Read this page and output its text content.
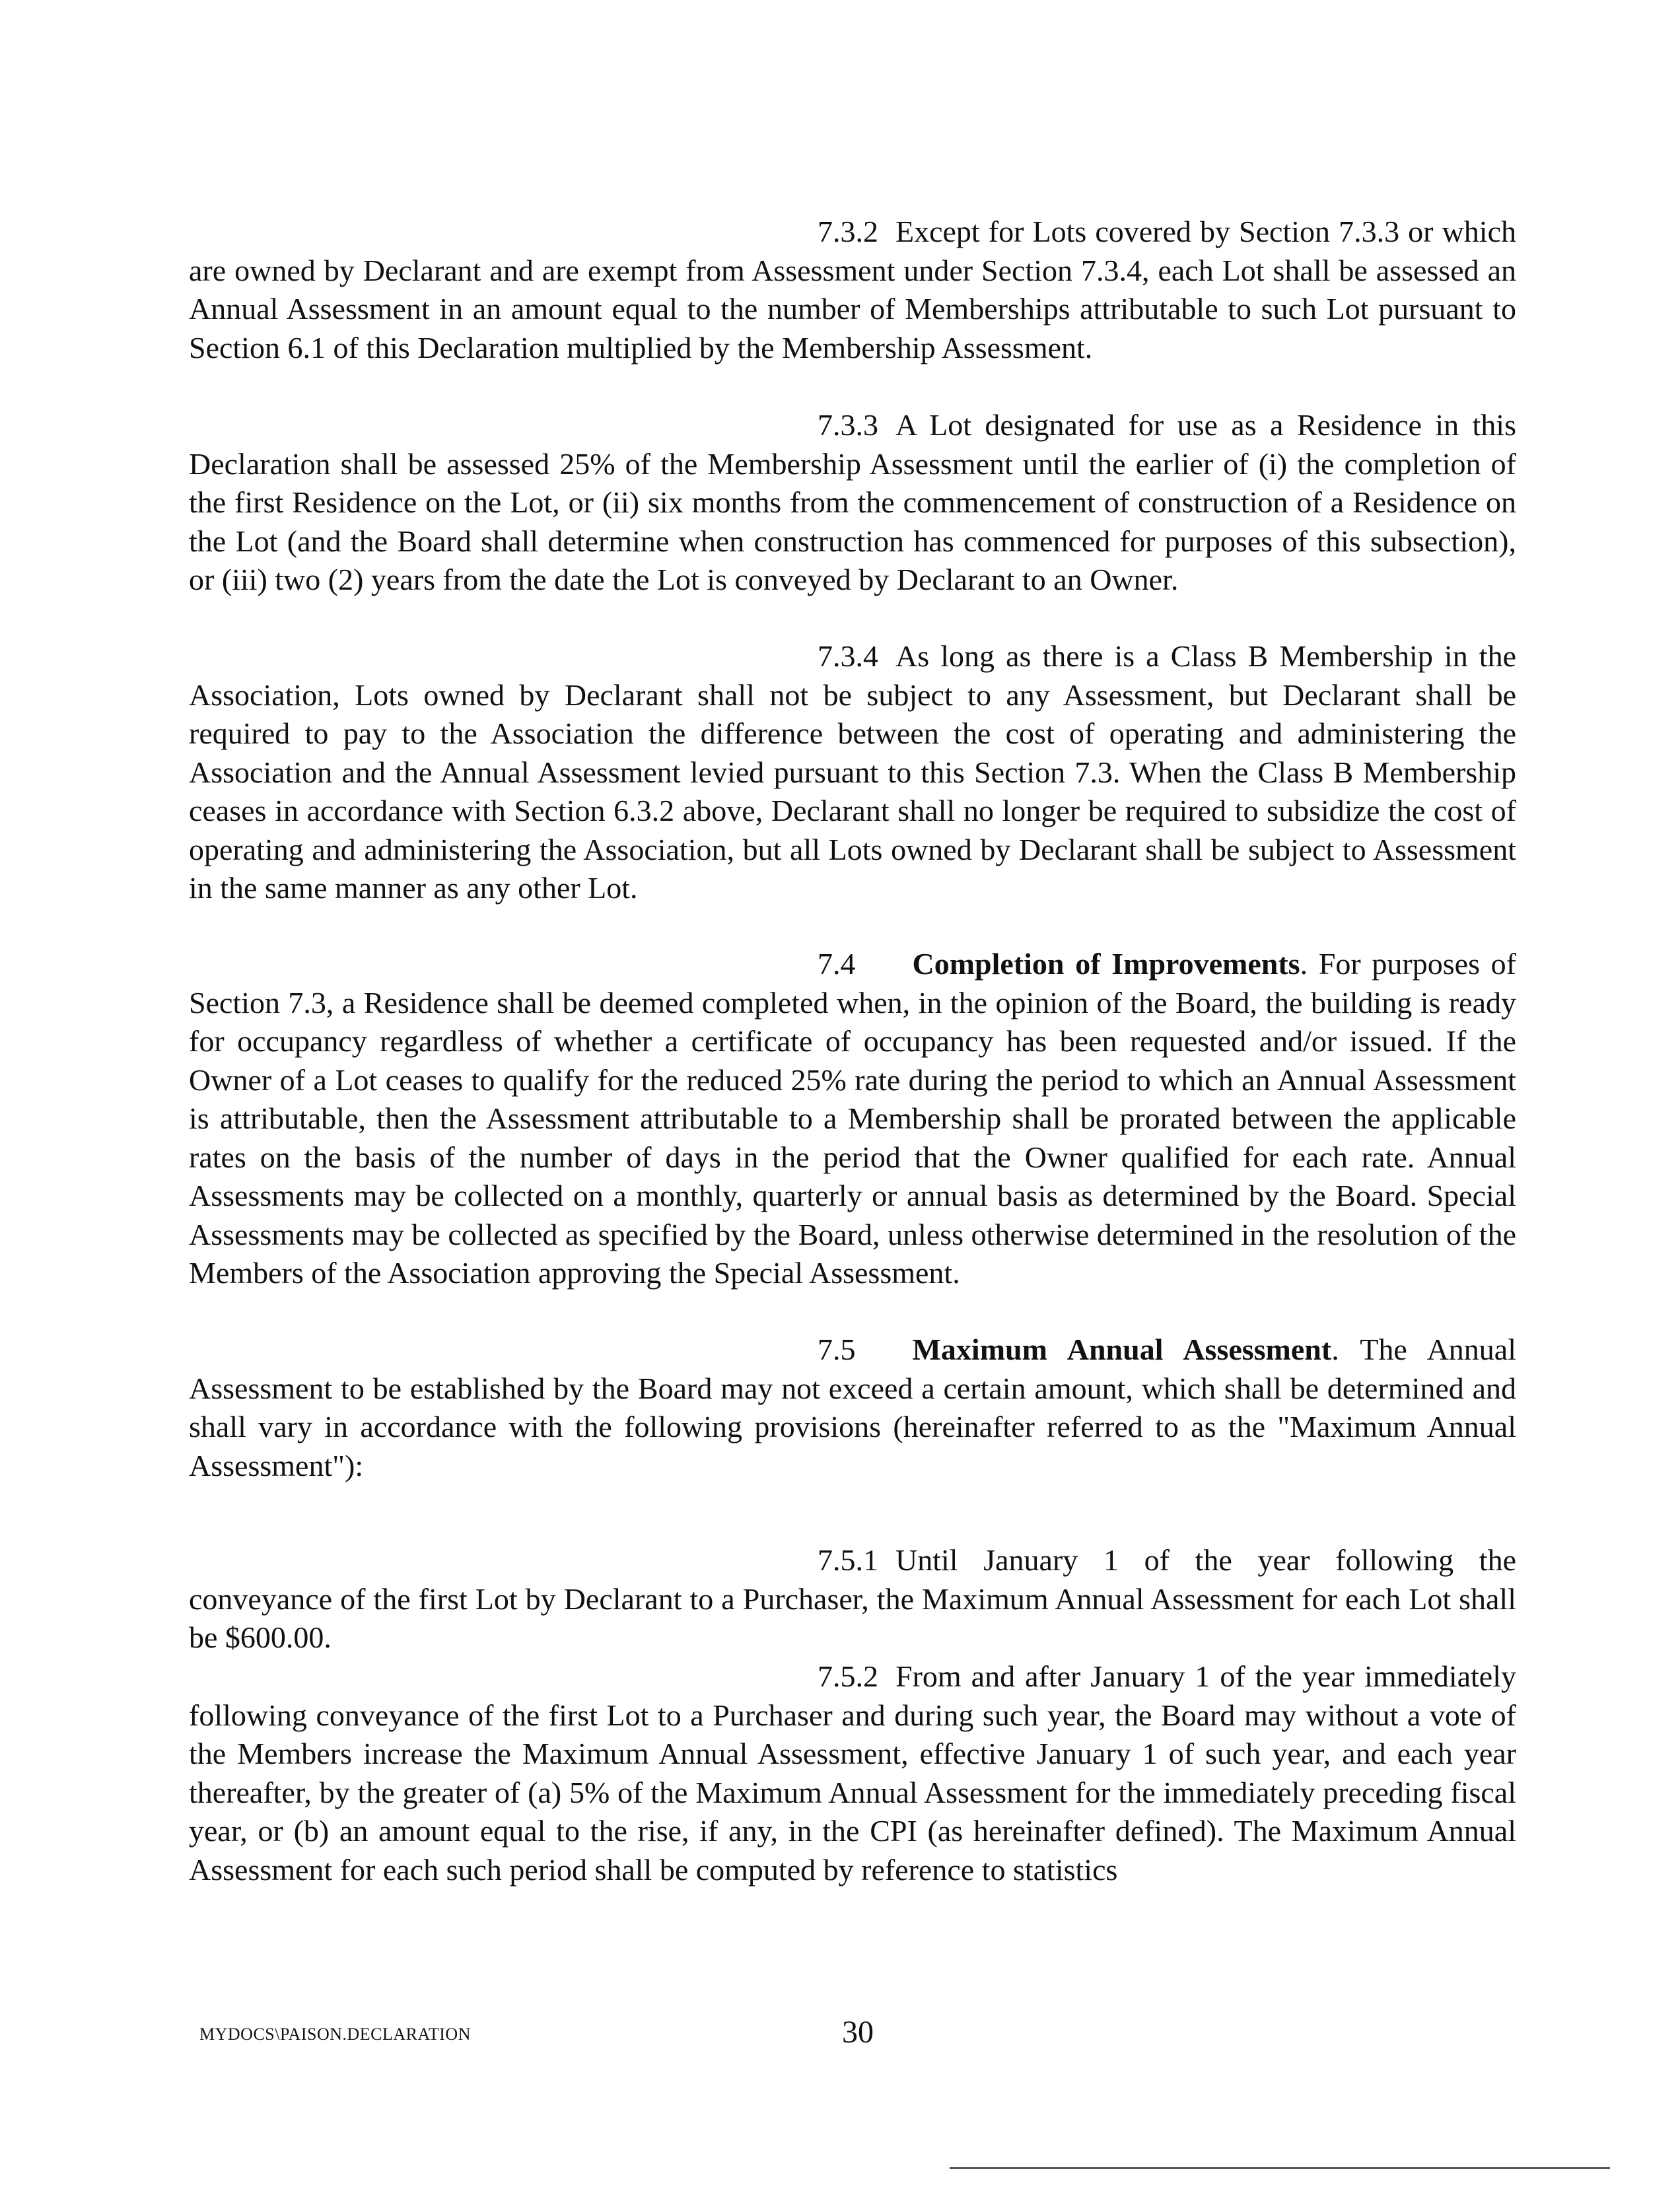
7.3.2 Except for Lots covered by Section 7.3.3 or which are owned by Declarant and are exempt from Assessment under Section 7.3.4, each Lot shall be assessed an Annual Assessment in an amount equal to the number of Memberships attributable to such Lot pursuant to Section 6.1 of this Declaration multiplied by the Membership Assessment.

7.3.3 A Lot designated for use as a Residence in this Declaration shall be assessed 25% of the Membership Assessment until the earlier of (i) the completion of the first Residence on the Lot, or (ii) six months from the commencement of construction of a Residence on the Lot (and the Board shall determine when construction has commenced for purposes of this subsection), or (iii) two (2) years from the date the Lot is conveyed by Declarant to an Owner.

7.3.4 As long as there is a Class B Membership in the Association, Lots owned by Declarant shall not be subject to any Assessment, but Declarant shall be required to pay to the Association the difference between the cost of operating and administering the Association and the Annual Assessment levied pursuant to this Section 7.3. When the Class B Membership ceases in accordance with Section 6.3.2 above, Declarant shall no longer be required to subsidize the cost of operating and administering the Association, but all Lots owned by Declarant shall be subject to Assessment in the same manner as any other Lot.

7.4 Completion of Improvements. For purposes of Section 7.3, a Residence shall be deemed completed when, in the opinion of the Board, the building is ready for occupancy regardless of whether a certificate of occupancy has been requested and/or issued. If the Owner of a Lot ceases to qualify for the reduced 25% rate during the period to which an Annual Assessment is attributable, then the Assessment attributable to a Membership shall be prorated between the applicable rates on the basis of the number of days in the period that the Owner qualified for each rate. Annual Assessments may be collected on a monthly, quarterly or annual basis as determined by the Board. Special Assessments may be collected as specified by the Board, unless otherwise determined in the resolution of the Members of the Association approving the Special Assessment.

7.5 Maximum Annual Assessment. The Annual Assessment to be established by the Board may not exceed a certain amount, which shall be determined and shall vary in accordance with the following provisions (hereinafter referred to as the "Maximum Annual Assessment"):

7.5.1 Until January 1 of the year following the conveyance of the first Lot by Declarant to a Purchaser, the Maximum Annual Assessment for each Lot shall be $600.00.

7.5.2 From and after January 1 of the year immediately following conveyance of the first Lot to a Purchaser and during such year, the Board may without a vote of the Members increase the Maximum Annual Assessment, effective January 1 of such year, and each year thereafter, by the greater of (a) 5% of the Maximum Annual Assessment for the immediately preceding fiscal year, or (b) an amount equal to the rise, if any, in the CPI (as hereinafter defined). The Maximum Annual Assessment for each such period shall be computed by reference to statistics

MYDOCS\PAISON.DECLARATION	30
